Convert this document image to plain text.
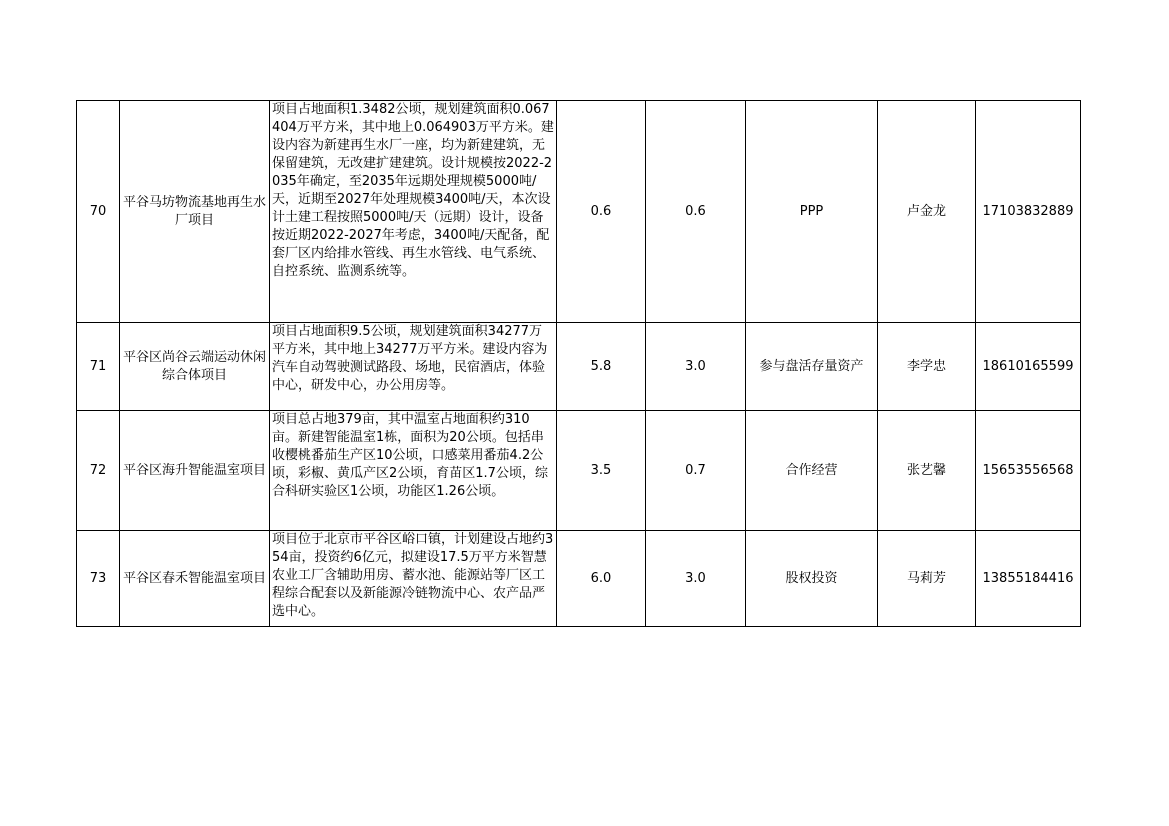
70	平谷马坊物流基地再生水厂项目	项目占地面积1.3482公顷，规划建筑面积0.067404万平方米，其中地上0.064903万平方米。建设内容为新建再生水厂一座，均为新建建筑，无保留建筑，无改建扩建建筑。设计规模按2022-2035年确定，至2035年远期处理规模5000吨/天，近期至2027年处理规模3400吨/天，本次设计土建工程按照5000吨/天（远期）设计，设备按近期2022-2027年考虑，3400吨/天配备，配套厂区内给排水管线、再生水管线、电气系统、自控系统、监测系统等。	0.6	0.6	PPP	卢金龙	17103832889
71	平谷区尚谷云端运动休闲综合体项目	项目占地面积9.5公顷，规划建筑面积34277万平方米，其中地上34277万平方米。建设内容为汽车自动驾驶测试路段、场地，民宿酒店，体验中心，研发中心，办公用房等。	5.8	3.0	参与盘活存量资产	李学忠	18610165599
72	平谷区海升智能温室项目	项目总占地379亩，其中温室占地面积约310亩。新建智能温室1栋，面积为20公顷。包括串收樱桃番茄生产区10公顷，口感菜用番茄4.2公顷，彩椒、黄瓜产区2公顷，育苗区1.7公顷，综合科研实验区1公顷，功能区1.26公顷。	3.5	0.7	合作经营	张艺馨	15653556568
73	平谷区春禾智能温室项目	项目位于北京市平谷区峪口镇，计划建设占地约354亩，投资约6亿元，拟建设17.5万平方米智慧农业工厂含辅助用房、蓄水池、能源站等厂区工程综合配套以及新能源冷链物流中心、农产品严选中心。	6.0	3.0	股权投资	马莉芳	13855184416
